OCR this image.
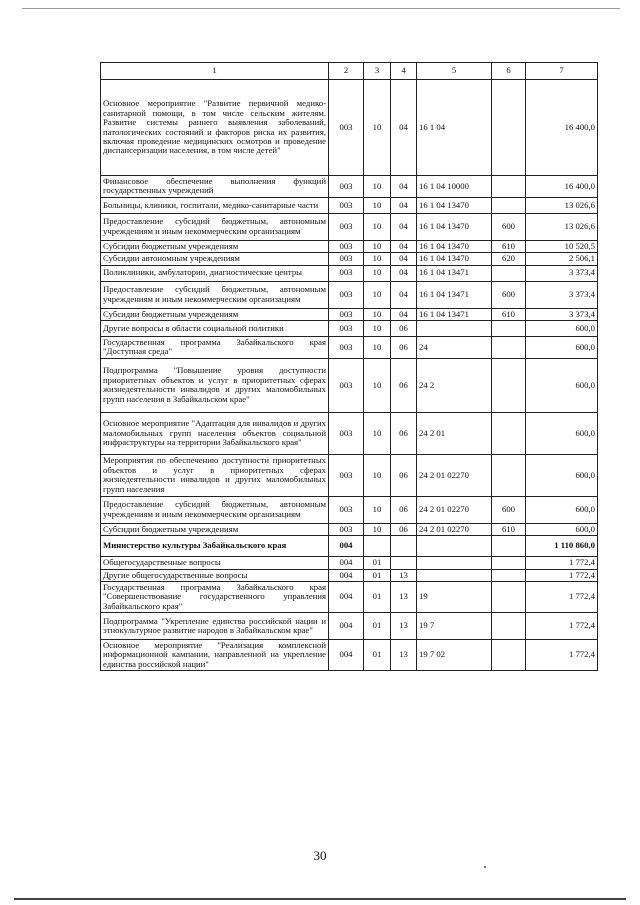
1	2	3	4	5	6	7
Основное мероприятие "Развитие первичной медико-санитарной помощи, в том числе сельским жителям. Развитие системы раннего выявления заболеваний, патологических состояний и факторов риска их развития, включая проведение медицинских осмотров и проведение диспансеризации населения, в том числе детей"	003	10	04	16 1 04		16 400,0
Финансовое обеспечение выполнения функций государственных учреждений	003	10	04	16 1 04 10000		16 400,0
Больницы, клиники, госпитали, медико-санитарные части	003	10	04	16 1 04 13470		13 026,6
Предоставление субсидий бюджетным, автономным учреждениям и иным некоммерческим организациям	003	10	04	16 1 04 13470	600	13 026,6
Субсидии бюджетным учреждениям	003	10	04	16 1 04 13470	610	10 520,5
Субсидии автономным учреждениям	003	10	04	16 1 04 13470	620	2 506,1
Поликлиники, амбулатории, диагностические центры	003	10	04	16 1 04 13471		3 373,4
Предоставление субсидий бюджетным, автономным учреждениям и иным некоммерческим организациям	003	10	04	16 1 04 13471	600	3 373,4
Субсидии бюджетным учреждениям	003	10	04	16 1 04 13471	610	3 373,4
Другие вопросы в области социальной политики	003	10	06			600,0
Государственная программа Забайкальского края "Доступная среда"	003	10	06	24		600,0
Подпрограмма "Повышение уровня доступности приоритетных объектов и услуг в приоритетных сферах жизнедеятельности инвалидов и других маломобильных групп населения в Забайкальском крае"	003	10	06	24 2		600,0
Основное мероприятие "Адаптация для инвалидов и других маломобильных групп населения объектов социальной инфраструктуры на территории Забайкальского края"	003	10	06	24 2 01		600,0
Мероприятия по обеспечению доступности приоритетных объектов и услуг в приоритетных сферах жизнедеятельности инвалидов и других маломобильных групп населения	003	10	06	24 2 01 02270		600,0
Предоставление субсидий бюджетным, автономным учреждениям и иным некоммерческим организациям	003	10	06	24 2 01 02270	600	600,0
Субсидии бюджетным учреждениям	003	10	06	24 2 01 02270	610	600,0
Министерство культуры Забайкальского края	004					1 110 860,0
Общегосударственные вопросы	004	01				1 772,4
Другие общегосударственные вопросы	004	01	13			1 772,4
Государственная программа Забайкальского края "Совершенствование государственного управления Забайкальского края"	004	01	13	19		1 772,4
Подпрограмма "Укрепление единства российской нации и этнокультурное развитие народов в Забайкальском крае"	004	01	13	19 7		1 772,4
Основное мероприятие "Реализация комплексной информационной кампании, направленной на укрепление единства российской нации"	004	01	13	19 7 02		1 772,4
30
